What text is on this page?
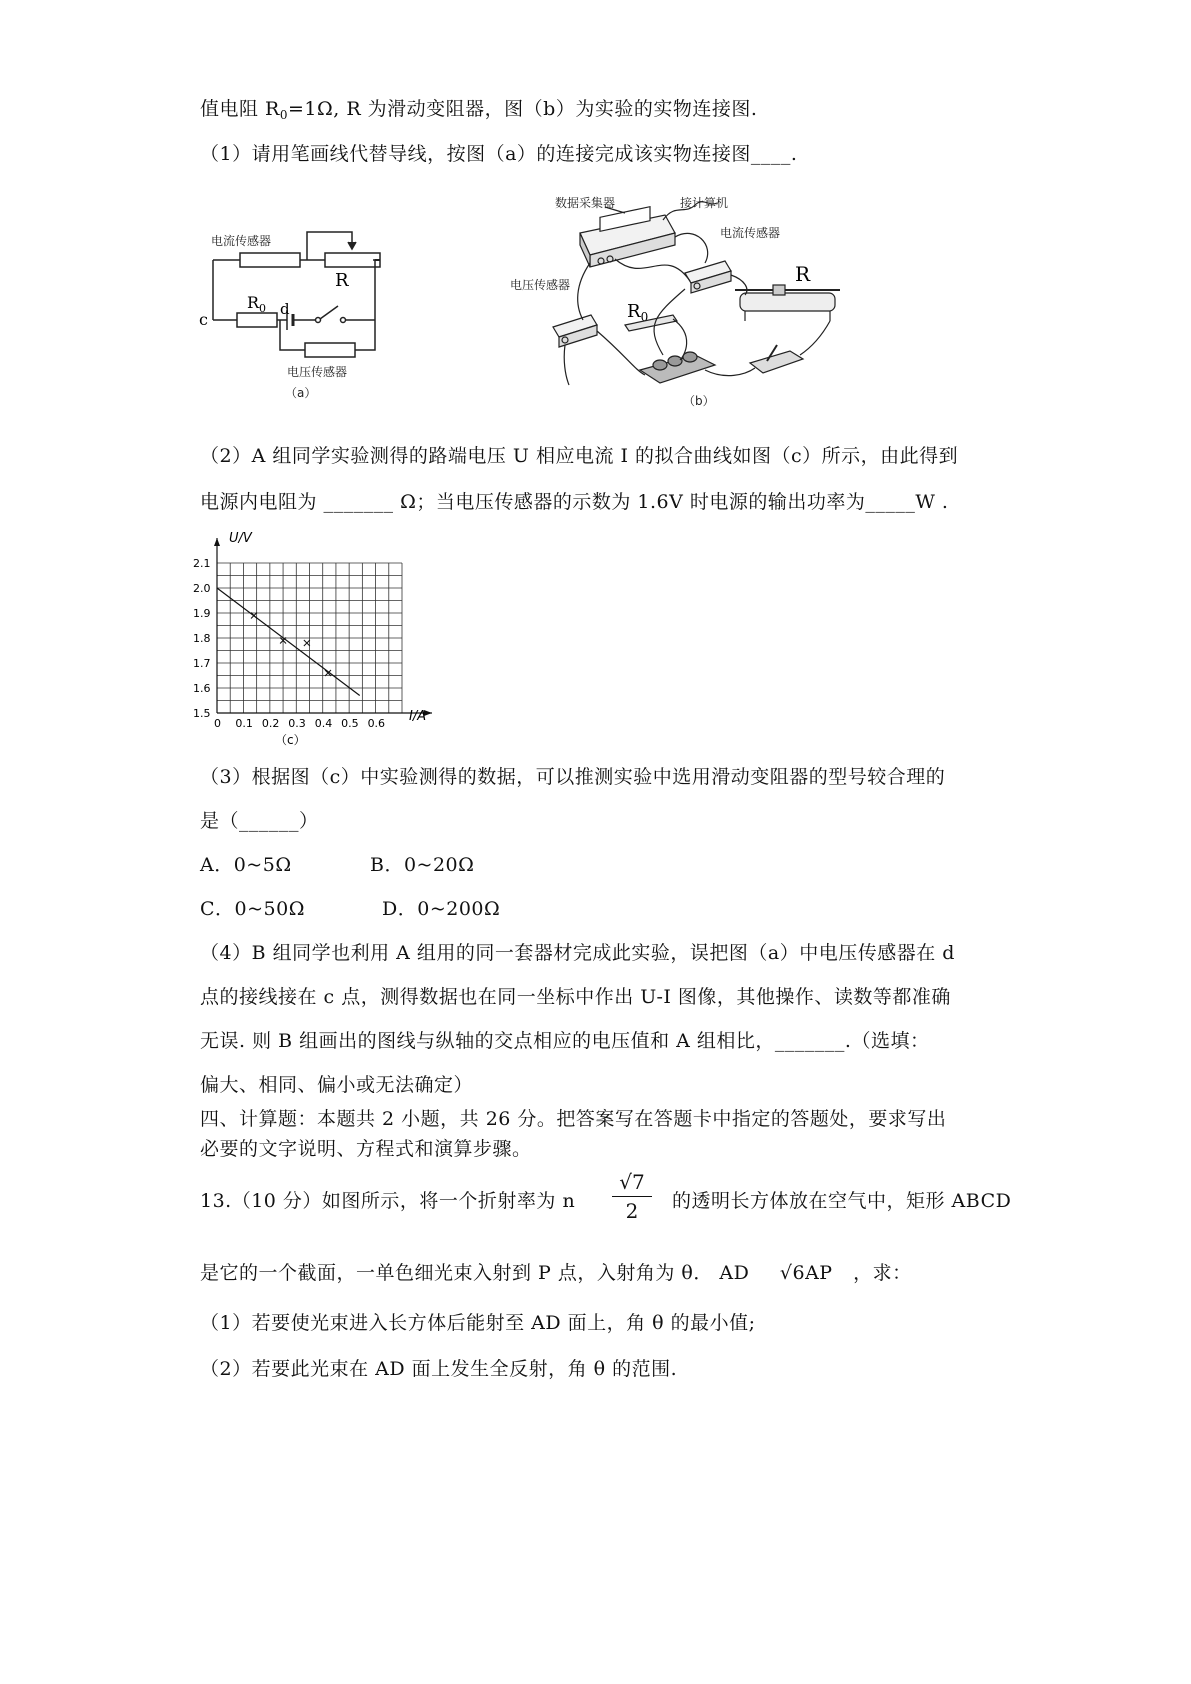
值电阻 $R_0=1\Omega$, R 为滑动变阻器，图（b）为实验的实物连接图.
（1）请用笔画线代替导线，按图（a）的连接完成该实物连接图____.
电流传感器
R
$R_0$ d
c
电压传感器
（a）
数据采集器	接计算机
电流传感器
电压传感器	R
$R_0$
（b）
（2）A 组同学实验测得的路端电压 U 相应电流 I 的拟合曲线如图（c）所示，由此得到
电源内电阻为 _______ Ω；当电压传感器的示数为 1.6V 时电源的输出功率为_____W .
0 0.1 0.2 0.3 0.4 0.5 0.6
1.5
1.6
1.7
1.8
1.9
2.0
2.1
U/V
I/A
（c）
（3）根据图（c）中实验测得的数据，可以推测实验中选用滑动变阻器的型号较合理的
是（______）
A．0~5Ω	B．0~20Ω
C．0~50Ω	D．0~200Ω
（4）B 组同学也利用 A 组用的同一套器材完成此实验，误把图（a）中电压传感器在 d
点的接线接在 c 点，测得数据也在同一坐标中作出 U-I 图像，其他操作、读数等都准确
无误. 则 B 组画出的图线与纵轴的交点相应的电压值和 A 组相比，_______.（选填：
偏大、相同、偏小或无法确定）
四、计算题：本题共 2 小题，共 26 分。把答案写在答题卡中指定的答题处，要求写出
必要的文字说明、方程式和演算步骤。
13.（10 分）如图所示，将一个折射率为 n $\frac{√7}{2}$ 的透明长方体放在空气中，矩形 ABCD
是它的一个截面，一单色细光束入射到 P 点，入射角为 θ． AD √6AP ，求：
（1）若要使光束进入长方体后能射至 AD 面上，角 θ 的最小值;
（2）若要此光束在 AD 面上发生全反射，角 θ 的范围.
